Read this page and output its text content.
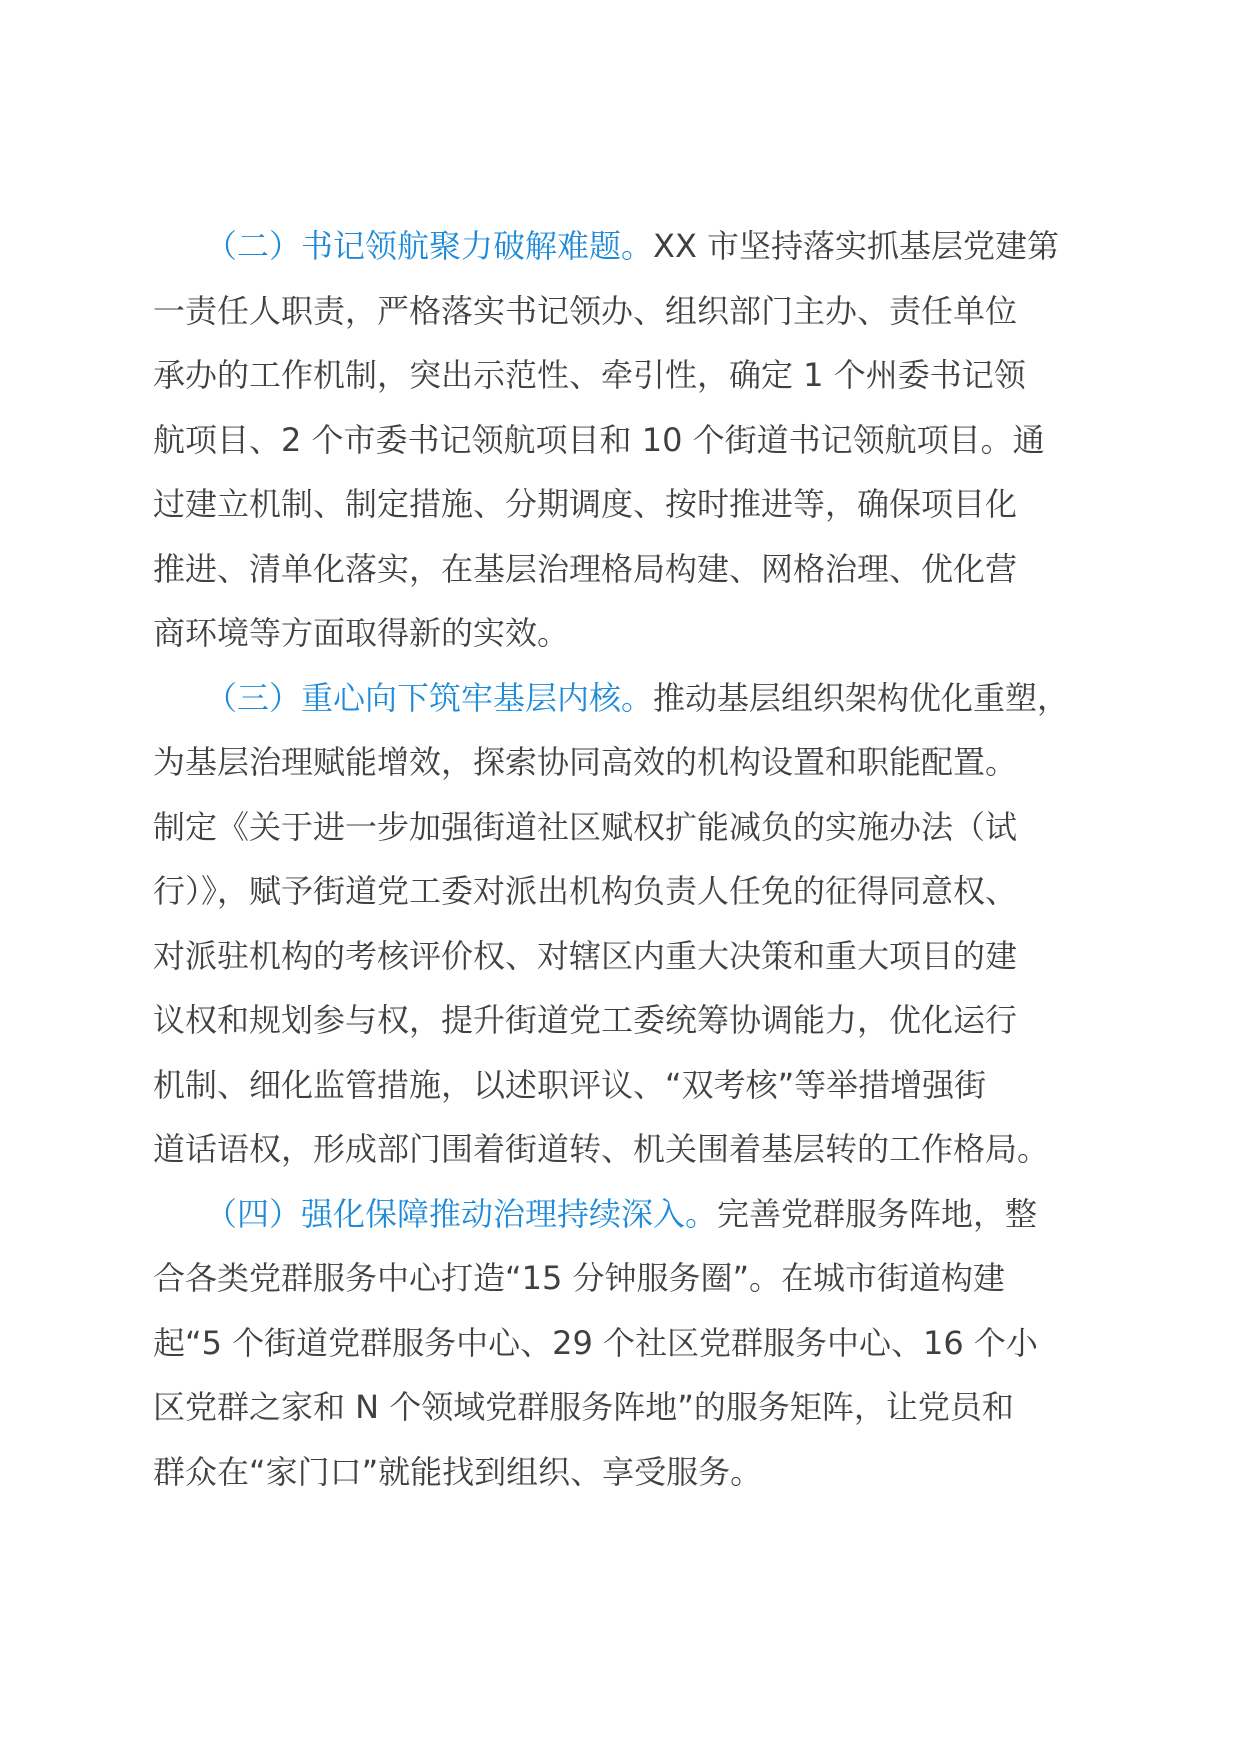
（二）书记领航聚力破解难题。XX 市坚持落实抓基层党建第
一责任人职责，严格落实书记领办、组织部门主办、责任单位
承办的工作机制，突出示范性、牵引性，确定 1 个州委书记领
航项目、2 个市委书记领航项目和 10 个街道书记领航项目。通
过建立机制、制定措施、分期调度、按时推进等，确保项目化
推进、清单化落实，在基层治理格局构建、网格治理、优化营
商环境等方面取得新的实效。
（三）重心向下筑牢基层内核。推动基层组织架构优化重塑，
为基层治理赋能增效，探索协同高效的机构设置和职能配置。
制定《关于进一步加强街道社区赋权扩能减负的实施办法（试
行）》，赋予街道党工委对派出机构负责人任免的征得同意权、
对派驻机构的考核评价权、对辖区内重大决策和重大项目的建
议权和规划参与权，提升街道党工委统筹协调能力，优化运行
机制、细化监管措施，以述职评议、“双考核”等举措增强街
道话语权，形成部门围着街道转、机关围着基层转的工作格局。
（四）强化保障推动治理持续深入。完善党群服务阵地，整
合各类党群服务中心打造“15 分钟服务圈”。在城市街道构建
起“5 个街道党群服务中心、29 个社区党群服务中心、16 个小
区党群之家和 N 个领域党群服务阵地”的服务矩阵，让党员和
群众在“家门口”就能找到组织、享受服务。
